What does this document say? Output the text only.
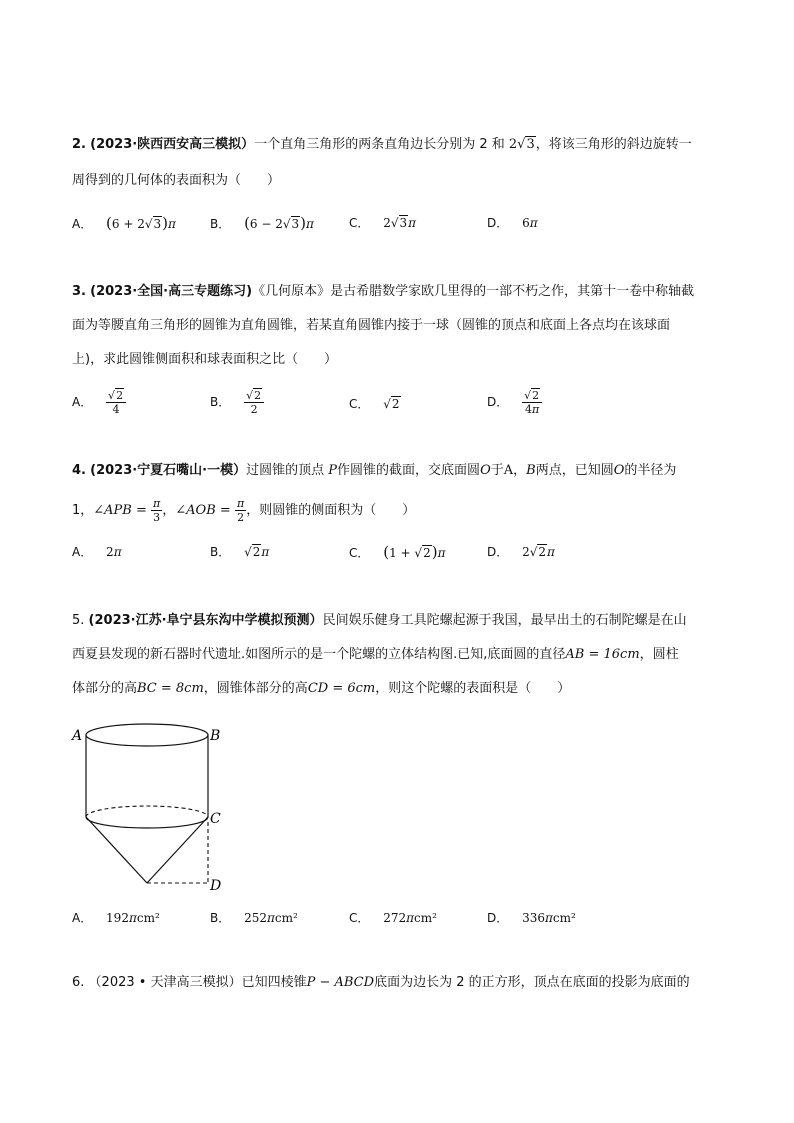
2. (2023·陕西西安高三模拟）一个直角三角形的两条直角边长分别为 2 和 2√3，将该三角形的斜边旋转一
周得到的几何体的表面积为（　　）
A． (6 + 2√3)π	B． (6 − 2√3)π	C． 2√3π	D． 6π
3. (2023·全国·高三专题练习)《几何原本》是古希腊数学家欧几里得的一部不朽之作，其第十一卷中称轴截
面为等腰直角三角形的圆锥为直角圆锥，若某直角圆锥内接于一球（圆锥的顶点和底面上各点均在该球面
上)，求此圆锥侧面积和球表面积之比（　　）
A． $\frac{√2}{4}$	B． $\frac{√2}{2}$	C． √2	D． $\frac{√2}{4\pi}$
4. (2023·宁夏石嘴山·一模）过圆锥的顶点 P作圆锥的截面，交底面圆O于A，B两点，已知圆O的半径为
1，∠APB = $\frac{\pi}{3}$ ，∠AOB = $\frac{\pi}{2}$ ，则圆锥的侧面积为（　　）
A． 2π	B． √2π	C． (1 + √2)π	D． 2√2π
5. (2023·江苏·阜宁县东沟中学模拟预测）民间娱乐健身工具陀螺起源于我国，最早出土的石制陀螺是在山
西夏县发现的新石器时代遗址.如图所示的是一个陀螺的立体结构图.已知,底面圆的直径AB = 16cm，圆柱
体部分的高BC = 8cm，圆锥体部分的高CD = 6cm，则这个陀螺的表面积是（　　）
A	B
C
D
A． 192πcm²	B． 252πcm²	C． 272πcm²	D． 336πcm²
6. （2023 • 天津高三模拟）已知四棱锥P − ABCD底面为边长为 2 的正方形，顶点在底面的投影为底面的
